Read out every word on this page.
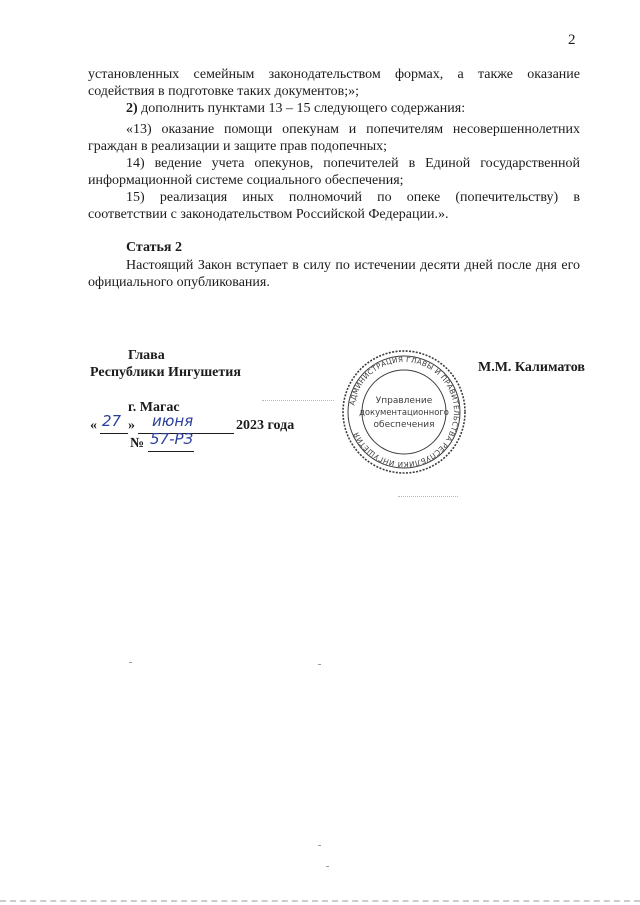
2
установленных семейным законодательством формах, а также оказание
содействия в подготовке таких документов;»;
2) дополнить пунктами 13 – 15 следующего содержания:
«13) оказание помощи опекунам и попечителям несовершеннолетних граждан в реализации и защите прав подопечных;
14) ведение учета опекунов, попечителей в Единой государственной информационной системе социального обеспечения;
15) реализация иных полномочий по опеке (попечительству) в соответствии с законодательством Российской Федерации.».
Статья 2
Настоящий Закон вступает в силу по истечении десяти дней после дня его официального опубликования.
Глава
Республики Ингушетия	М.М. Калиматов
г. Магас
« 27 » июня	2023 года
№ 57-РЗ
АДМИНИСТРАЦИЯ ГЛАВЫ И ПРАВИТЕЛЬСТВА РЕСПУБЛИКИ ИНГУШЕТИЯ
Управление
документационного
обеспечения
